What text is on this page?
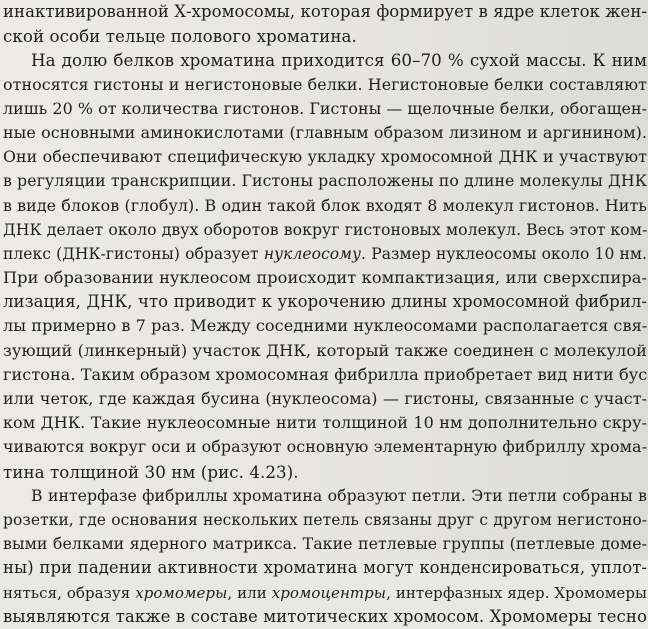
инактивированной Х-хромосомы, которая формирует в ядре клеток жен-
ской особи тельце полового хроматина.
На долю белков хроматина приходится 60–70 % сухой массы. К ним
относятся гистоны и негистоновые белки. Негистоновые белки составляют
лишь 20 % от количества гистонов. Гистоны — щелочные белки, обогащен-
ные основными аминокислотами (главным образом лизином и аргинином).
Они обеспечивают специфическую укладку хромосомной ДНК и участвуют
в регуляции транскрипции. Гистоны расположены по длине молекулы ДНК
в виде блоков (глобул). В один такой блок входят 8 молекул гистонов. Нить
ДНК делает около двух оборотов вокруг гистоновых молекул. Весь этот ком-
плекс (ДНК-гистоны) образует нуклеосому. Размер нуклеосомы около 10 нм.
При образовании нуклеосом происходит компактизация, или сверхспира-
лизация, ДНК, что приводит к укорочению длины хромосомной фибрил-
лы примерно в 7 раз. Между соседними нуклеосомами располагается свя-
зующий (линкерный) участок ДНК, который также соединен с молекулой
гистона. Таким образом хромосомная фибрилла приобретает вид нити бус
или четок, где каждая бусина (нуклеосома) — гистоны, связанные с участ-
ком ДНК. Такие нуклеосомные нити толщиной 10 нм дополнительно скру-
чиваются вокруг оси и образуют основную элементарную фибриллу хрома-
тина толщиной 30 нм (рис. 4.23).
В интерфазе фибриллы хроматина образуют петли. Эти петли собраны в
розетки, где основания нескольких петель связаны друг с другом негистоно-
выми белками ядерного матрикса. Такие петлевые группы (петлевые доме-
ны) при падении активности хроматина могут конденсироваться, уплот-
няться, образуя хромомеры, или хромоцентры, интерфазных ядер. Хромомеры
выявляются также в составе митотических хромосом. Хромомеры тесно
